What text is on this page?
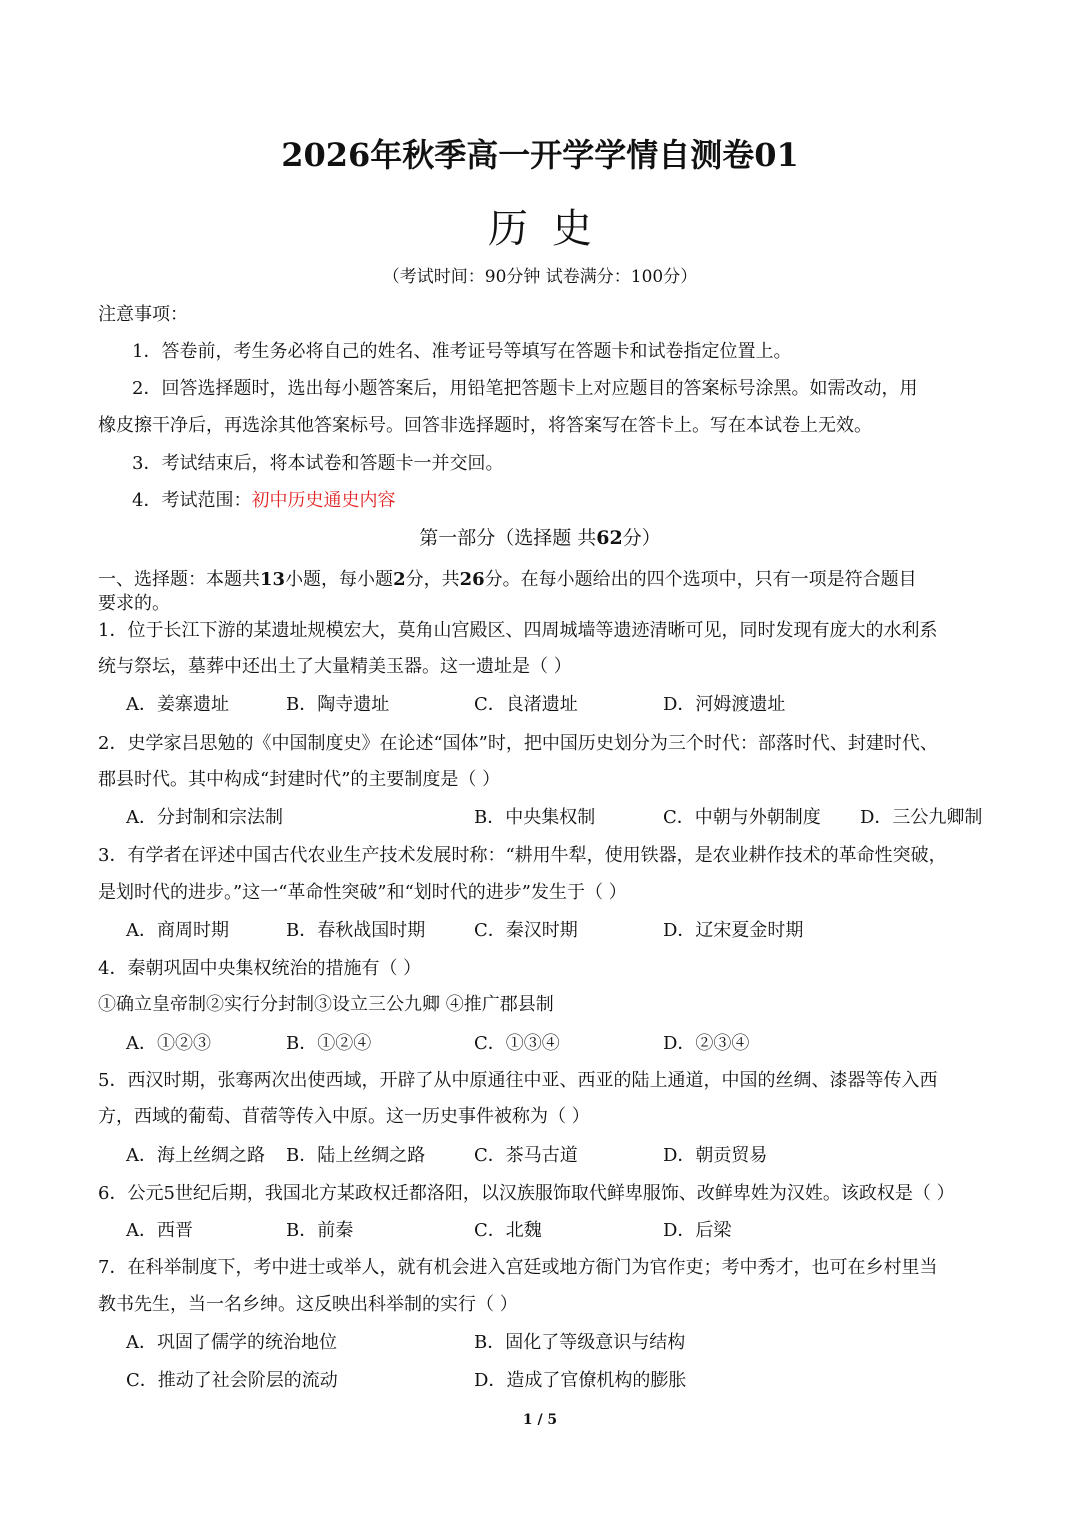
2026年秋季高一开学学情自测卷01
历 史
（考试时间：90分钟 试卷满分：100分）
注意事项：
1．答卷前，考生务必将自己的姓名、准考证号等填写在答题卡和试卷指定位置上。
2．回答选择题时，选出每小题答案后，用铅笔把答题卡上对应题目的答案标号涂黑。如需改动，用
橡皮擦干净后，再选涂其他答案标号。回答非选择题时，将答案写在答卡上。写在本试卷上无效。
3．考试结束后，将本试卷和答题卡一并交回。
4．考试范围：初中历史通史内容
第一部分（选择题 共62分）
一、选择题：本题共13小题，每小题2分，共26分。在每小题给出的四个选项中，只有一项是符合题目
要求的。
1．位于长江下游的某遗址规模宏大，莫角山宫殿区、四周城墙等遗迹清晰可见，同时发现有庞大的水利系
统与祭坛，墓葬中还出土了大量精美玉器。这一遗址是（ ）
A．姜寨遗址	B．陶寺遗址	C．良渚遗址	D．河姆渡遗址
2．史学家吕思勉的《中国制度史》在论述“国体”时，把中国历史划分为三个时代：部落时代、封建时代、
郡县时代。其中构成“封建时代”的主要制度是（ ）
A．分封制和宗法制	B．中央集权制	C．中朝与外朝制度 D．三公九卿制
3．有学者在评述中国古代农业生产技术发展时称：“耕用牛犁，使用铁器，是农业耕作技术的革命性突破，
是划时代的进步。”这一“革命性突破”和“划时代的进步”发生于（ ）
A．商周时期	B．春秋战国时期	C．秦汉时期	D．辽宋夏金时期
4．秦朝巩固中央集权统治的措施有（ ）
①确立皇帝制②实行分封制③设立三公九卿 ④推广郡县制
A．①②③	B．①②④	C．①③④	D．②③④
5．西汉时期，张骞两次出使西域，开辟了从中原通往中亚、西亚的陆上通道，中国的丝绸、漆器等传入西
方，西域的葡萄、苜蓿等传入中原。这一历史事件被称为（ ）
A．海上丝绸之路 B．陆上丝绸之路	C．茶马古道	D．朝贡贸易
6．公元5世纪后期，我国北方某政权迁都洛阳，以汉族服饰取代鲜卑服饰、改鲜卑姓为汉姓。该政权是（ ）
A．西晋	B．前秦	C．北魏	D．后梁
7．在科举制度下，考中进士或举人，就有机会进入宫廷或地方衙门为官作吏；考中秀才，也可在乡村里当
教书先生，当一名乡绅。这反映出科举制的实行（ ）
A．巩固了儒学的统治地位	B．固化了等级意识与结构
C．推动了社会阶层的流动	D．造成了官僚机构的膨胀
1 / 5
